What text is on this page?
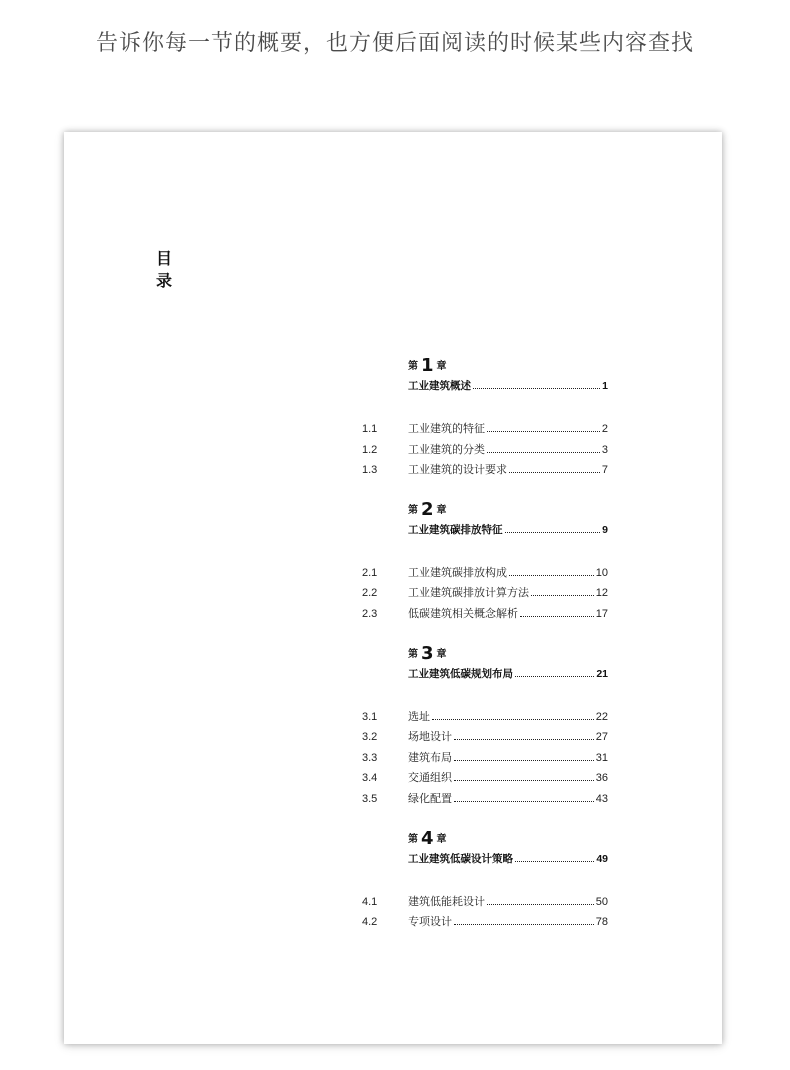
告诉你每一节的概要，也方便后面阅读的时候某些内容查找
目
录
第 1 章
工业建筑概述	1
1.1	工业建筑的特征	2
1.2	工业建筑的分类	3
1.3	工业建筑的设计要求	7
第 2 章
工业建筑碳排放特征	9
2.1	工业建筑碳排放构成	10
2.2	工业建筑碳排放计算方法	12
2.3	低碳建筑相关概念解析	17
第 3 章
工业建筑低碳规划布局	21
3.1	选址	22
3.2	场地设计	27
3.3	建筑布局	31
3.4	交通组织	36
3.5	绿化配置	43
第 4 章
工业建筑低碳设计策略	49
4.1	建筑低能耗设计	50
4.2	专项设计	78
